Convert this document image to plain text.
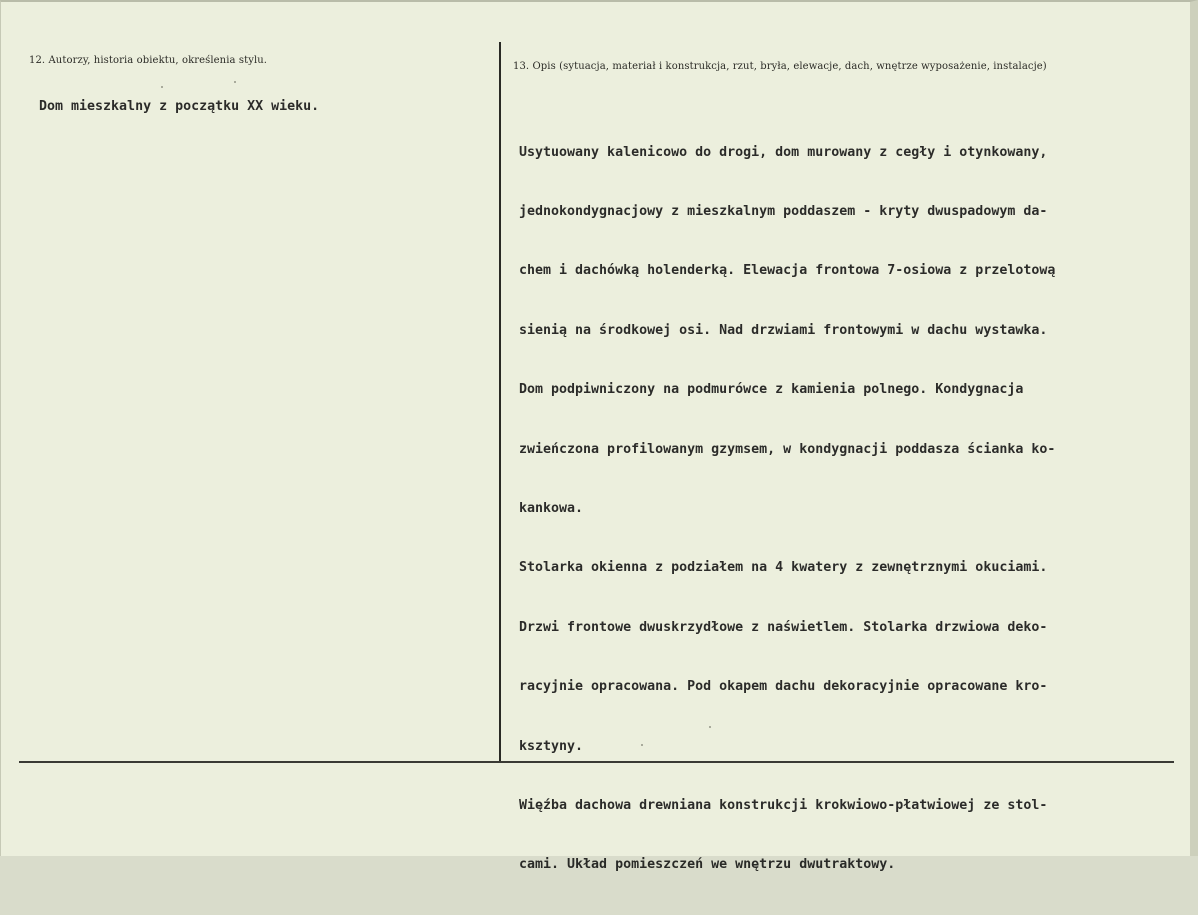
12. Autorzy, historia obiektu, określenia stylu.
13. Opis (sytuacja, materiał i konstrukcja, rzut, bryła, elewacje, dach, wnętrze wyposażenie, instalacje)
Dom mieszkalny z początku XX wieku.

Usytuowany kalenicowo do drogi, dom murowany z cegły i otynkowany,

jednokondygnacjowy z mieszkalnym poddaszem - kryty dwuspadowym da-

chem i dachówką holenderką. Elewacja frontowa 7-osiowa z przelotową

sienią na środkowej osi. Nad drzwiami frontowymi w dachu wystawka.

Dom podpiwniczony na podmurówce z kamienia polnego. Kondygnacja

zwieńczona profilowanym gzymsem, w kondygnacji poddasza ścianka ko-

kankowa.

Stolarka okienna z podziałem na 4 kwatery z zewnętrznymi okuciami.

Drzwi frontowe dwuskrzydłowe z naświetlem. Stolarka drzwiowa deko-

racyjnie opracowana. Pod okapem dachu dekoracyjnie opracowane kro-

ksztyny.

Więźba dachowa drewniana konstrukcji krokwiowo-płatwiowej ze stol-

cami. Układ pomieszczeń we wnętrzu dwutraktowy.
